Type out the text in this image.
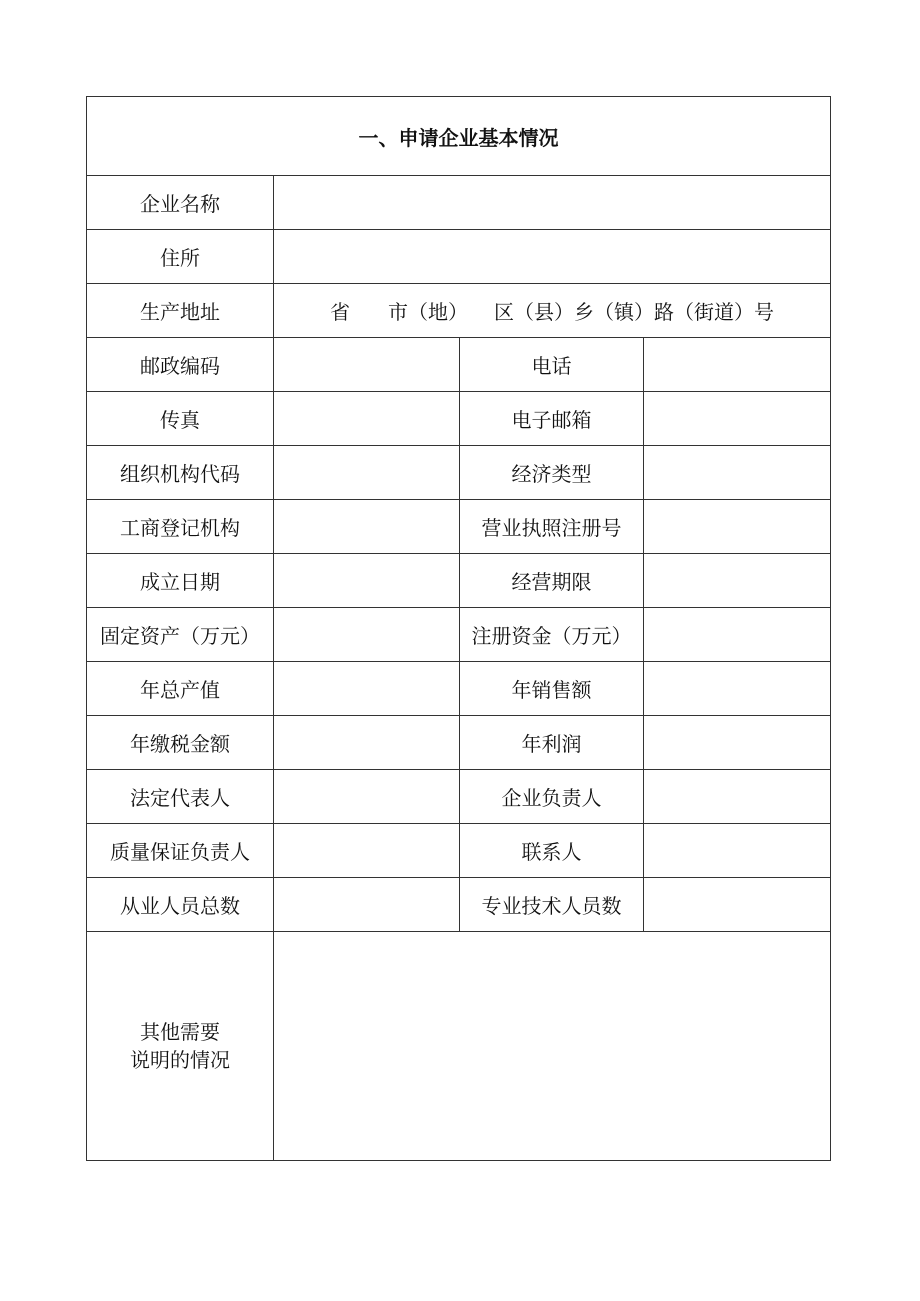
一、申请企业基本情况			
企业名称			
住所			
生产地址	省 市（地） 区（县）乡（镇）路（街道）号		
邮政编码		电话	
传真		电子邮箱	
组织机构代码		经济类型	
工商登记机构		营业执照注册号	
成立日期		经营期限	
固定资产（万元）		注册资金（万元）	
年总产值		年销售额	
年缴税金额		年利润	
法定代表人		企业负责人	
质量保证负责人		联系人	
从业人员总数		专业技术人员数	

其他需要
说明的情况			
